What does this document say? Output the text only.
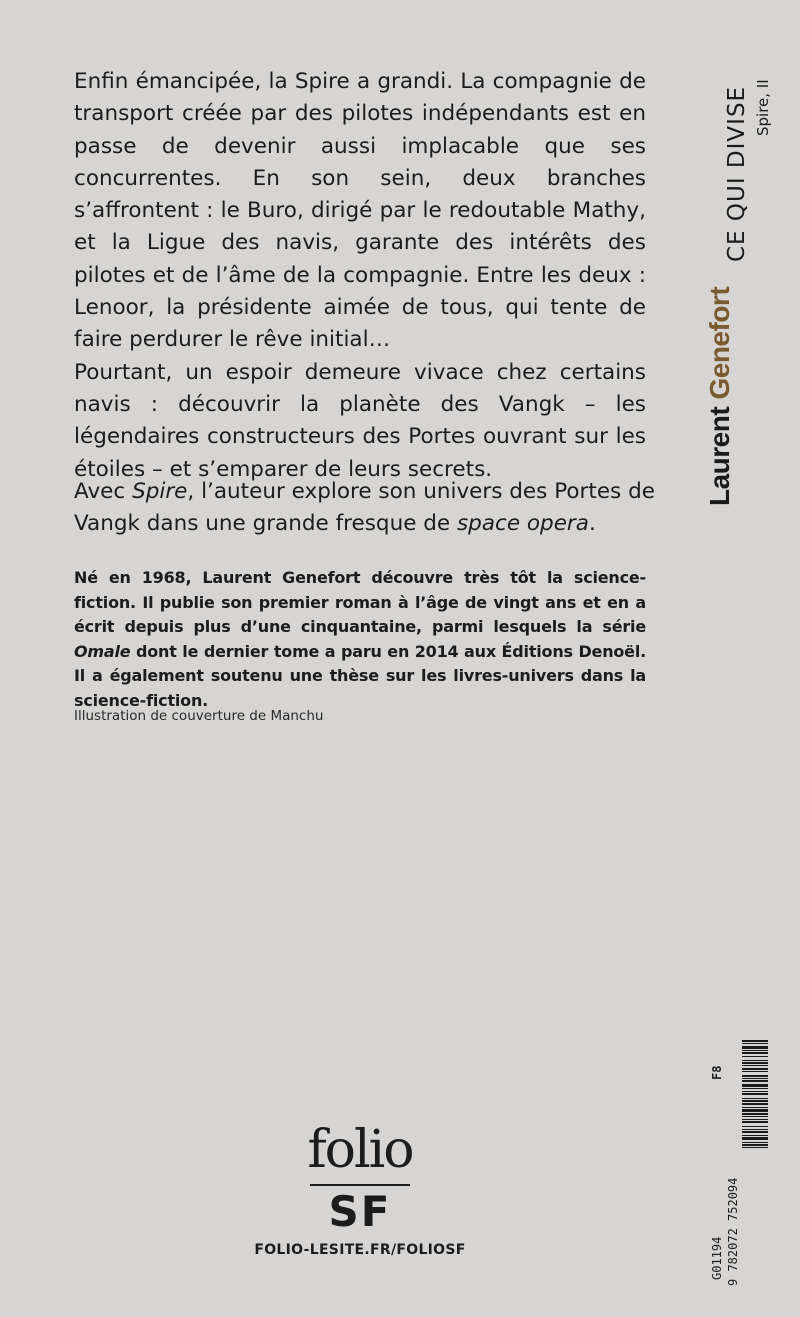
Enfin émancipée, la Spire a grandi. La compagnie de transport créée par des pilotes indépendants est en passe de devenir aussi implacable que ses concurrentes. En son sein, deux branches s’affrontent : le Buro, dirigé par le redoutable Mathy, et la Ligue des navis, garante des intérêts des pilotes et de l’âme de la compagnie. Entre les deux : Lenoor, la présidente aimée de tous, qui tente de faire perdurer le rêve initial…

Pourtant, un espoir demeure vivace chez certains navis : découvrir la planète des Vangk – les légendaires constructeurs des Portes ouvrant sur les étoiles – et s’emparer de leurs secrets.

Avec Spire, l’auteur explore son univers des Portes de Vangk dans une grande fresque de space opera.

Né en 1968, Laurent Genefort découvre très tôt la science-fiction. Il publie son premier roman à l’âge de vingt ans et en a écrit depuis plus d’une cinquantaine, parmi lesquels la série Omale dont le dernier tome a paru en 2014 aux Éditions Denoël. Il a également soutenu une thèse sur les livres-univers dans la science-fiction.

Illustration de couverture de Manchu

Laurent Genefort
CE QUI DIVISE Spire, II
folio
SF
FOLIO-LESITE.FR/FOLIOSF	G01194
F8
9 782072 752094
